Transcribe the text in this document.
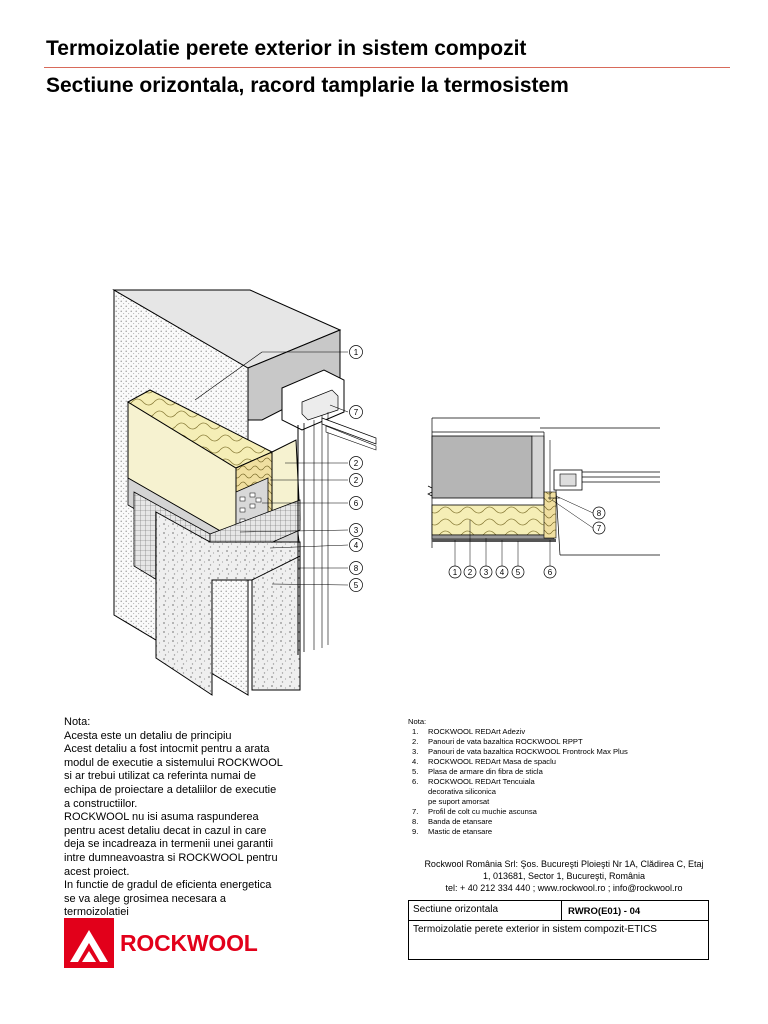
Termoizolatie perete exterior in sistem compozit
Sectiune orizontala, racord tamplarie la termosistem
1
7
2
2
6
3
4
8
5
1 2 3 4 5	6
8
7
Nota:
Acesta este un detaliu de principiu
Acest detaliu a fost intocmit pentru a arata
modul de executie a sistemului ROCKWOOL
si ar trebui utilizat ca referinta numai de
echipa de proiectare a detaliilor de executie
a constructiilor.
ROCKWOOL nu isi asuma raspunderea
pentru acest detaliu decat in cazul in care
deja se incadreaza in termenii unei garantii
intre dumneavoastra si ROCKWOOL pentru
acest proiect.
In functie de gradul de eficienta energetica
se va alege grosimea necesara a
termoizolatiei
Nota:
1. ROCKWOOL REDArt Adeziv
2. Panouri de vata bazaltica ROCKWOOL RPPT
3. Panouri de vata bazaltica ROCKWOOL Frontrock Max Plus
4. ROCKWOOL REDArt Masa de spaclu
5. Plasa de armare din fibra de sticla
6. ROCKWOOL REDArt Tencuiala
decorativa siliconica
pe suport amorsat
7. Profil de colt cu muchie ascunsa
8. Banda de etansare
9. Mastic de etansare
Rockwool România Srl: Şos. Bucureşti Ploieşti Nr 1A, Clădirea C, Etaj
1, 013681, Sector 1, Bucureşti, România
tel: + 40 212 334 440 ; www.rockwool.ro ; info@rockwool.ro
Sectiune orizontala	RWRO(E01) - 04
Termoizolatie perete exterior in sistem compozit-ETICS
ROCKWOOL
